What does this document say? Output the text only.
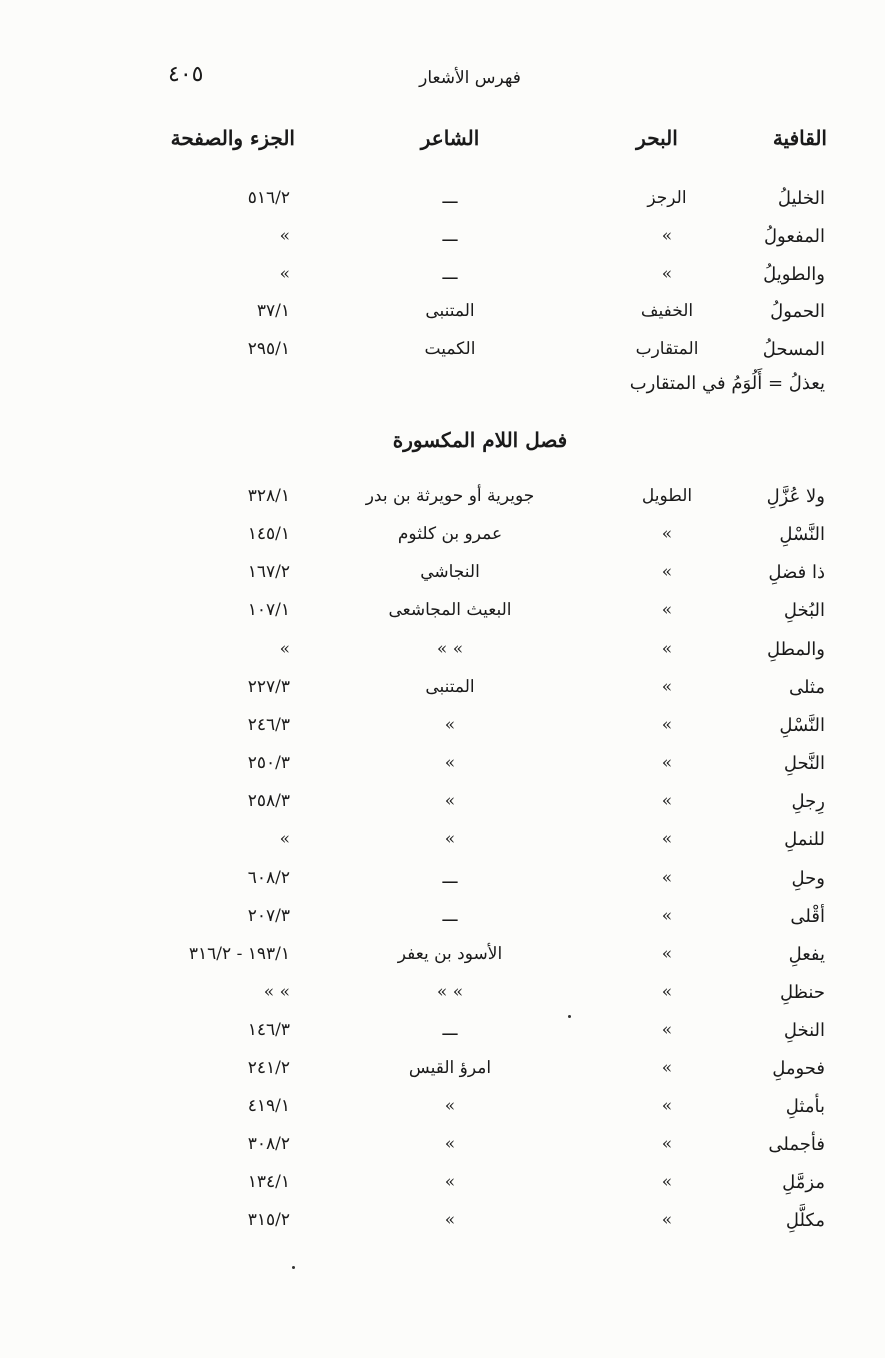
٤٠٥	فهرس الأشعار
القافية
البحر
الشاعر
الجزء والصفحة
الخليلُ
الرجز
ـــ
٥١٦/٢
المفعولُ
»
ـــ
»
والطويلُ
»
ـــ
»
الحمولُ
الخفيف
المتنبى
٣٧/١
المسحلُ
المتقارب
الكميت
٢٩٥/١
يعذلُ = أَلُوَمُ في المتقارب
فصل اللام المكسورة
ولا عُزَّلِ
الطويل
جويرية أو حويرثة بن بدر
٣٢٨/١
النَّسْلِ
»
عمرو بن كلثوم
١٤٥/١
ذا فضلِ
»
النجاشي
١٦٧/٢
البُخلِ
»
البعيث المجاشعى
١٠٧/١
والمطلِ
»
» »
»
مثلى
»
المتنبى
٢٢٧/٣
النَّسْلِ
»
»
٢٤٦/٣
النَّحلِ
»
»
٢٥٠/٣
رِجلِ
»
»
٢٥٨/٣
للنملِ
»
»
»
وحلِ
»
ـــ
٦٠٨/٢
أقْلى
»
ـــ
٢٠٧/٣
يفعلِ
»
الأسود بن يعفر
١٩٣/١ - ٣١٦/٢
حنظلِ
»
» »
» »
النخلِ
»
ـــ
١٤٦/٣
فحوملِ
»
امرؤ القيس
٢٤١/٢
بأمثلِ
»
»
٤١٩/١
فأجملى
»
»
٣٠٨/٢
مزمَّلِ
»
»
١٣٤/١
مكلَّلِ
»
»
٣١٥/٢
